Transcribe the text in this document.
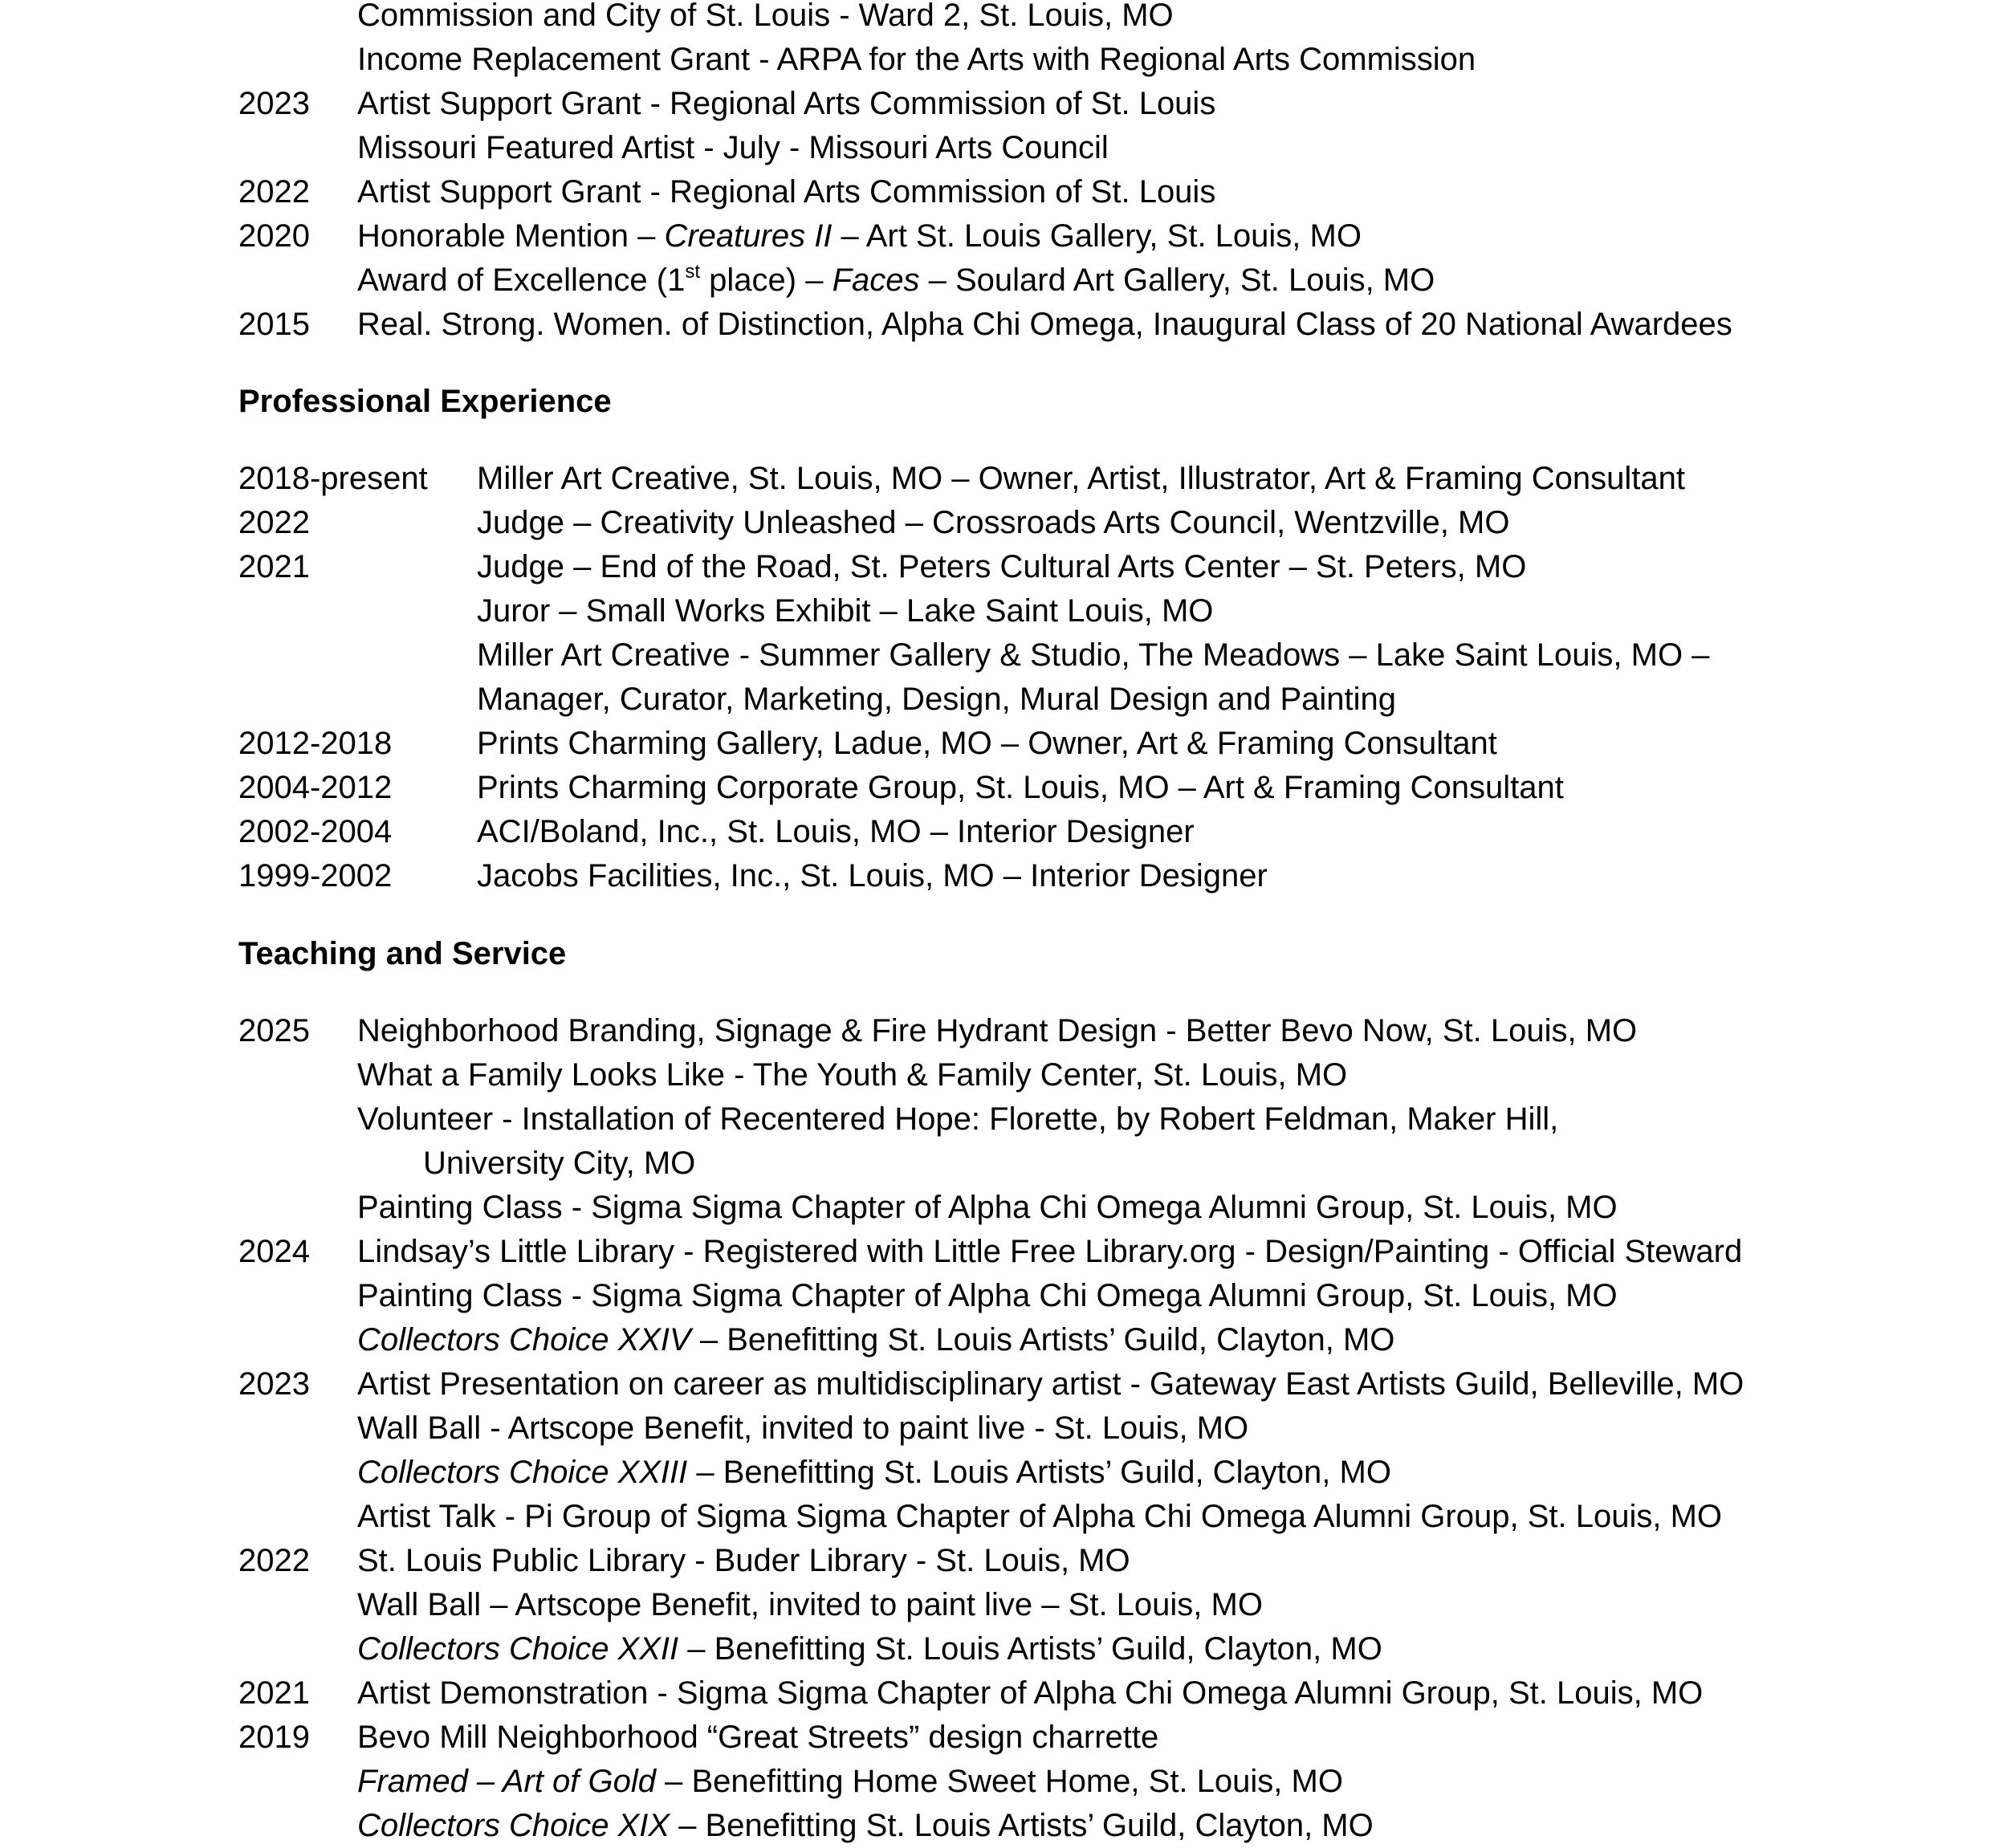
Commission and City of St. Louis - Ward 2, St. Louis, MO
Income Replacement Grant - ARPA for the Arts with Regional Arts Commission
2023 Artist Support Grant - Regional Arts Commission of St. Louis
Missouri Featured Artist - July - Missouri Arts Council
2022 Artist Support Grant - Regional Arts Commission of St. Louis
2020 Honorable Mention – Creatures II – Art St. Louis Gallery, St. Louis, MO
Award of Excellence (1st place) – Faces – Soulard Art Gallery, St. Louis, MO
2015 Real. Strong. Women. of Distinction, Alpha Chi Omega, Inaugural Class of 20 National Awardees
Professional Experience
2018-present Miller Art Creative, St. Louis, MO – Owner, Artist, Illustrator, Art & Framing Consultant
2022	Judge – Creativity Unleashed – Crossroads Arts Council, Wentzville, MO
2021	Judge – End of the Road, St. Peters Cultural Arts Center – St. Peters, MO
Juror – Small Works Exhibit – Lake Saint Louis, MO
Miller Art Creative - Summer Gallery & Studio, The Meadows – Lake Saint Louis, MO –
Manager, Curator, Marketing, Design, Mural Design and Painting
2012-2018	Prints Charming Gallery, Ladue, MO – Owner, Art & Framing Consultant
2004-2012	Prints Charming Corporate Group, St. Louis, MO – Art & Framing Consultant
2002-2004	ACI/Boland, Inc., St. Louis, MO – Interior Designer
1999-2002	Jacobs Facilities, Inc., St. Louis, MO – Interior Designer
Teaching and Service
2025 Neighborhood Branding, Signage & Fire Hydrant Design - Better Bevo Now, St. Louis, MO
What a Family Looks Like - The Youth & Family Center, St. Louis, MO
Volunteer - Installation of Recentered Hope: Florette, by Robert Feldman, Maker Hill,
University City, MO
Painting Class - Sigma Sigma Chapter of Alpha Chi Omega Alumni Group, St. Louis, MO
2024 Lindsay’s Little Library - Registered with Little Free Library.org - Design/Painting - Official Steward
Painting Class - Sigma Sigma Chapter of Alpha Chi Omega Alumni Group, St. Louis, MO
Collectors Choice XXIV – Benefitting St. Louis Artists’ Guild, Clayton, MO
2023 Artist Presentation on career as multidisciplinary artist - Gateway East Artists Guild, Belleville, MO
Wall Ball - Artscope Benefit, invited to paint live - St. Louis, MO
Collectors Choice XXIII – Benefitting St. Louis Artists’ Guild, Clayton, MO
Artist Talk - Pi Group of Sigma Sigma Chapter of Alpha Chi Omega Alumni Group, St. Louis, MO
2022 St. Louis Public Library - Buder Library - St. Louis, MO
Wall Ball – Artscope Benefit, invited to paint live – St. Louis, MO
Collectors Choice XXII – Benefitting St. Louis Artists’ Guild, Clayton, MO
2021 Artist Demonstration - Sigma Sigma Chapter of Alpha Chi Omega Alumni Group, St. Louis, MO
2019 Bevo Mill Neighborhood “Great Streets” design charrette
Framed – Art of Gold – Benefitting Home Sweet Home, St. Louis, MO
Collectors Choice XIX – Benefitting St. Louis Artists’ Guild, Clayton, MO
